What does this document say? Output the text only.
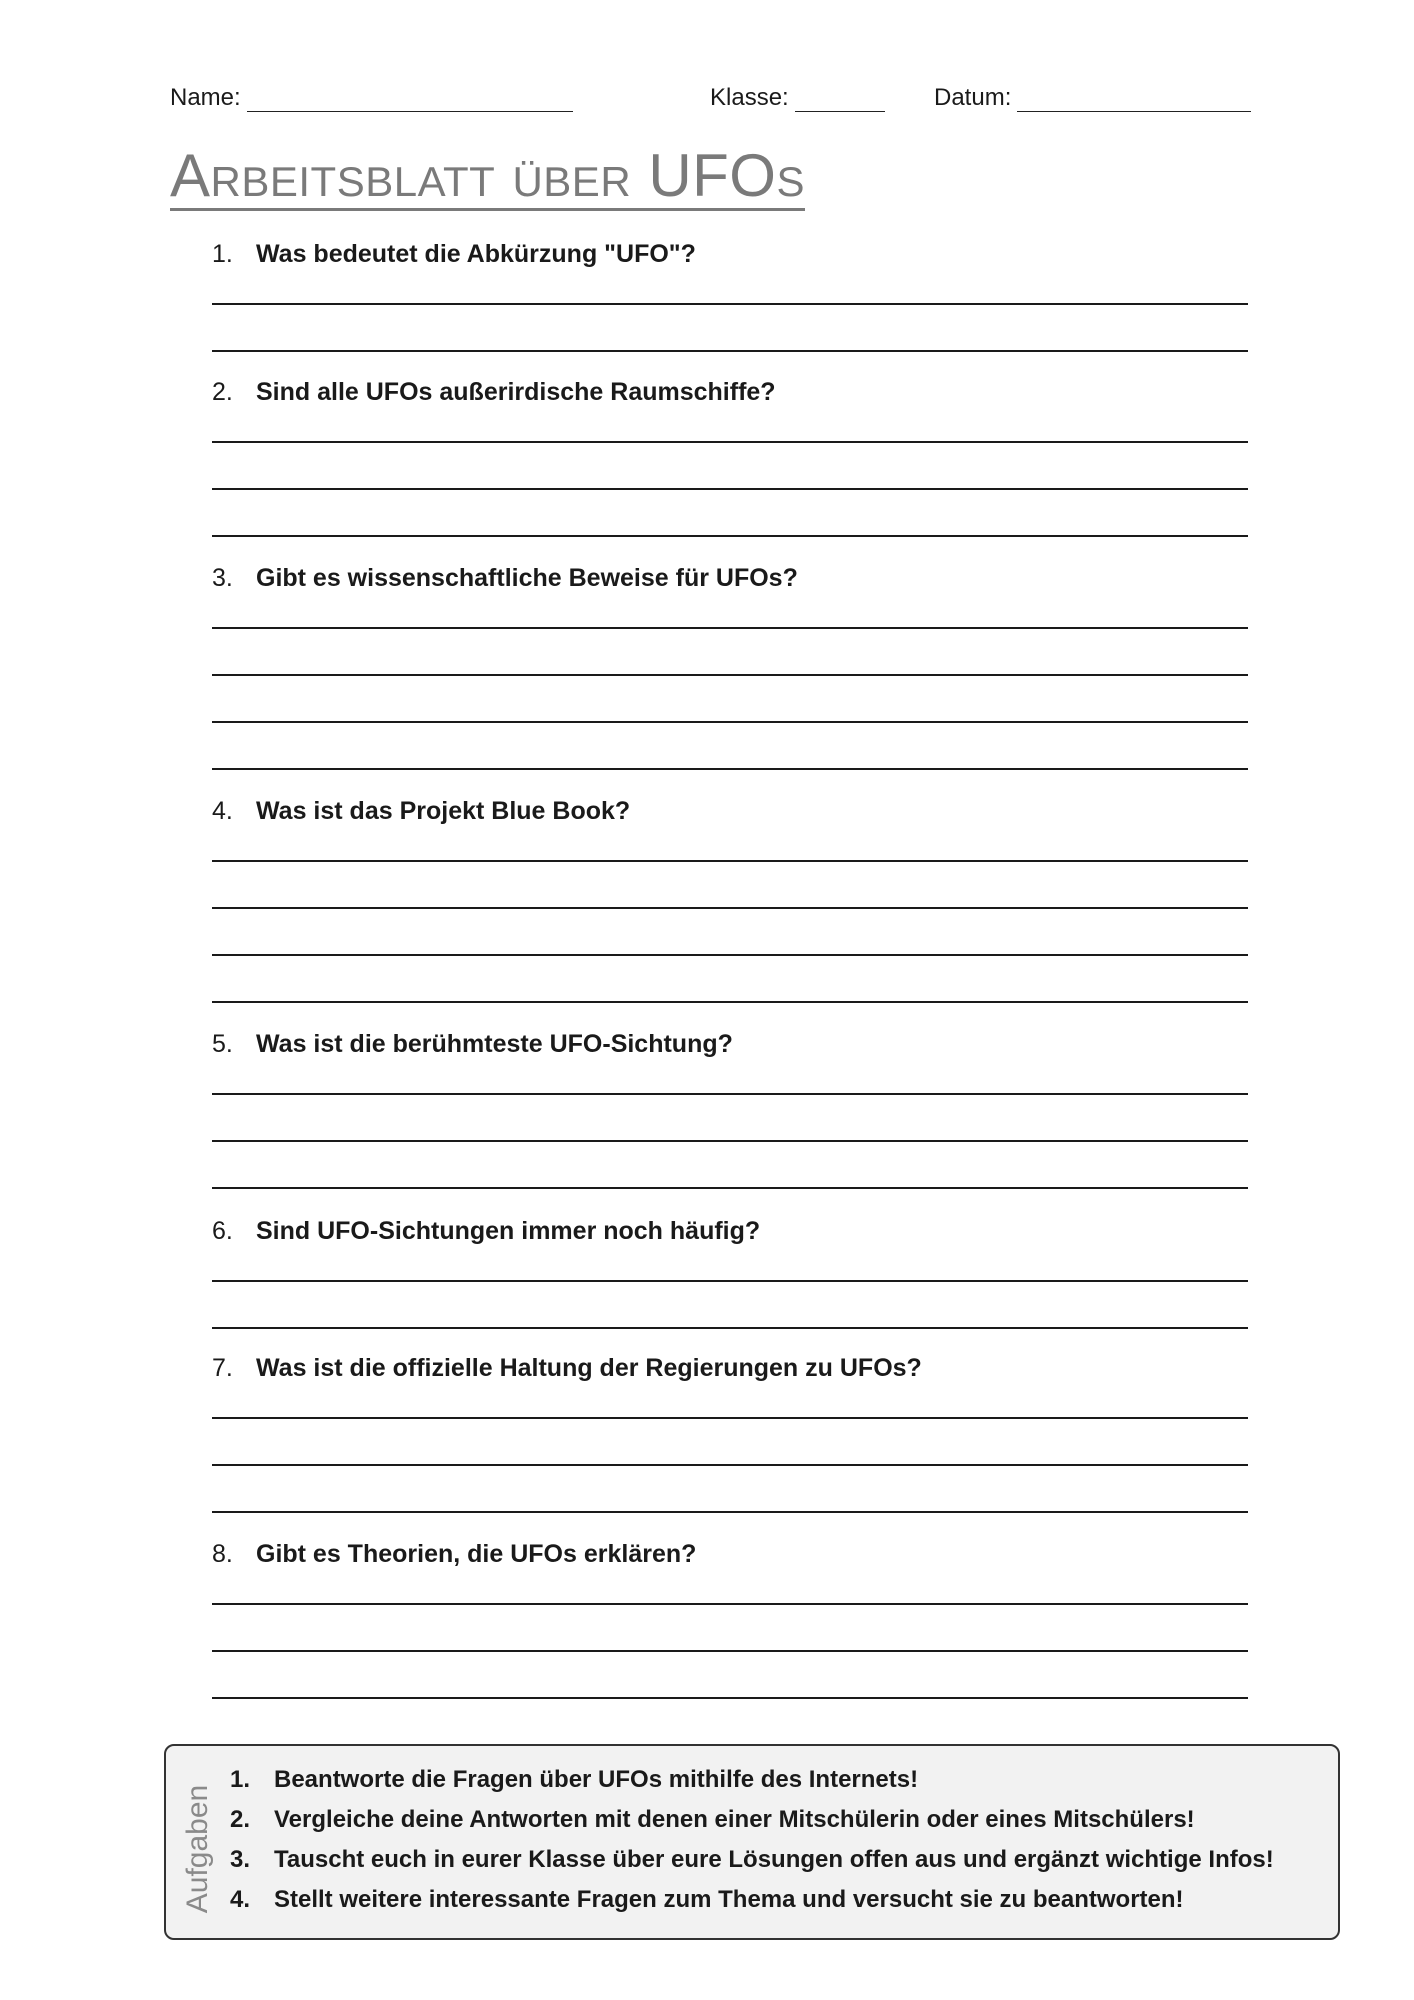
Name:	Klasse:	Datum:
Arbeitsblatt über UFOs
1. Was bedeutet die Abkürzung "UFO"?
2. Sind alle UFOs außerirdische Raumschiffe?
3. Gibt es wissenschaftliche Beweise für UFOs?
4. Was ist das Projekt Blue Book?
5. Was ist die berühmteste UFO-Sichtung?
6. Sind UFO-Sichtungen immer noch häufig?
7. Was ist die offizielle Haltung der Regierungen zu UFOs?
8. Gibt es Theorien, die UFOs erklären?
Aufgaben
1. Beantworte die Fragen über UFOs mithilfe des Internets!
2. Vergleiche deine Antworten mit denen einer Mitschülerin oder eines Mitschülers!
3. Tauscht euch in eurer Klasse über eure Lösungen offen aus und ergänzt wichtige Infos!
4. Stellt weitere interessante Fragen zum Thema und versucht sie zu beantworten!
